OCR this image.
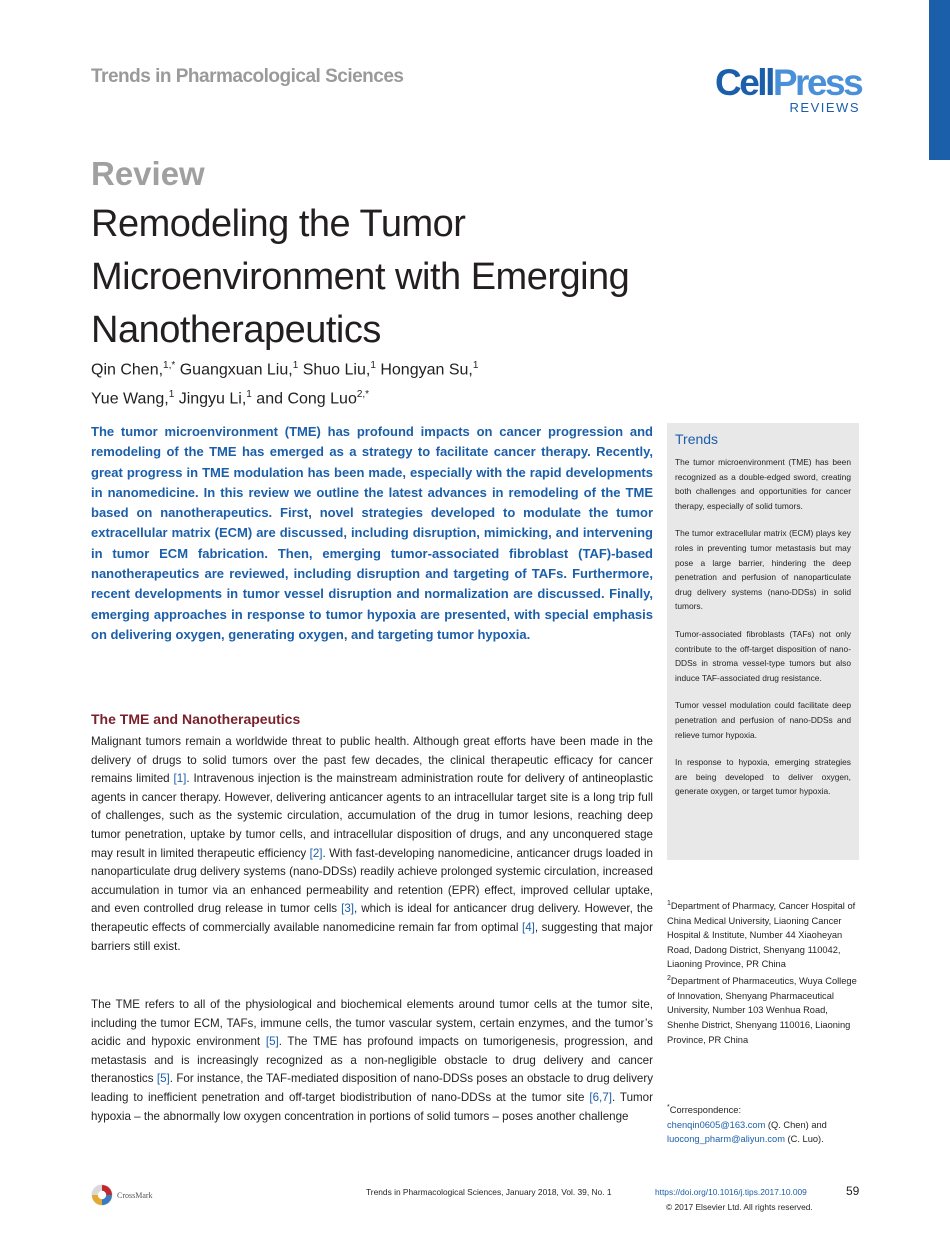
Trends in Pharmacological Sciences	CellPress
REVIEWS
Review
Remodeling the Tumor Microenvironment with Emerging Nanotherapeutics
Qin Chen,$^{1,*}$ Guangxuan Liu,$^1$ Shuo Liu,$^1$ Hongyan Su,$^1$
Yue Wang,$^1$ Jingyu Li,$^1$ and Cong Luo$^{2,*}$
The tumor microenvironment (TME) has profound impacts on cancer progression and remodeling of the TME has emerged as a strategy to facilitate cancer therapy. Recently, great progress in TME modulation has been made, especially with the rapid developments in nanomedicine. In this review we outline the latest advances in remodeling of the TME based on nanotherapeutics. First, novel strategies developed to modulate the tumor extracellular matrix (ECM) are discussed, including disruption, mimicking, and intervening in tumor ECM fabrication. Then, emerging tumor-associated fibroblast (TAF)-based nanotherapeutics are reviewed, including disruption and targeting of TAFs. Furthermore, recent developments in tumor vessel disruption and normalization are discussed. Finally, emerging approaches in response to tumor hypoxia are presented, with special emphasis on delivering oxygen, generating oxygen, and targeting tumor hypoxia.
The TME and Nanotherapeutics
Malignant tumors remain a worldwide threat to public health. Although great efforts have been made in the delivery of drugs to solid tumors over the past few decades, the clinical therapeutic efficacy for cancer remains limited [1]. Intravenous injection is the mainstream administration route for delivery of antineoplastic agents in cancer therapy. However, delivering anticancer agents to an intracellular target site is a long trip full of challenges, such as the systemic circulation, accumulation of the drug in tumor lesions, reaching deep tumor penetration, uptake by tumor cells, and intracellular disposition of drugs, and any unconquered stage may result in limited therapeutic efficiency [2]. With fast-developing nanomedicine, anticancer drugs loaded in nanoparticulate drug delivery systems (nano-DDSs) readily achieve prolonged systemic circulation, increased accumulation in tumor via an enhanced permeability and retention (EPR) effect, improved cellular uptake, and even controlled drug release in tumor cells [3], which is ideal for anticancer drug delivery. However, the therapeutic effects of commercially available nanomedicine remain far from optimal [4], suggesting that major barriers still exist.
The TME refers to all of the physiological and biochemical elements around tumor cells at the tumor site, including the tumor ECM, TAFs, immune cells, the tumor vascular system, certain enzymes, and the tumor’s acidic and hypoxic environment [5]. The TME has profound impacts on tumorigenesis, progression, and metastasis and is increasingly recognized as a non-negligible obstacle to drug delivery and cancer theranostics [5]. For instance, the TAF-mediated disposition of nano-DDSs poses an obstacle to drug delivery leading to inefficient penetration and off-target biodistribution of nano-DDSs at the tumor site [6,7]. Tumor hypoxia – the abnormally low oxygen concentration in portions of solid tumors – poses another challenge
Trends
The tumor microenvironment (TME) has been recognized as a double-edged sword, creating both challenges and opportunities for cancer therapy, especially of solid tumors.
The tumor extracellular matrix (ECM) plays key roles in preventing tumor metastasis but may pose a large barrier, hindering the deep penetration and perfusion of nanoparticulate drug delivery systems (nano-DDSs) in solid tumors.
Tumor-associated fibroblasts (TAFs) not only contribute to the off-target disposition of nano-DDSs in stroma vessel-type tumors but also induce TAF-associated drug resistance.
Tumor vessel modulation could facilitate deep penetration and perfusion of nano-DDSs and relieve tumor hypoxia.
In response to hypoxia, emerging strategies are being developed to deliver oxygen, generate oxygen, or target tumor hypoxia.
$^1$Department of Pharmacy, Cancer Hospital of China Medical University, Liaoning Cancer Hospital & Institute, Number 44 Xiaoheyan Road, Dadong District, Shenyang 110042, Liaoning Province, PR China
$^2$Department of Pharmaceutics, Wuya College of Innovation, Shenyang Pharmaceutical University, Number 103 Wenhua Road, Shenhe District, Shenyang 110016, Liaoning Province, PR China
*Correspondence:
chenqin0605@163.com (Q. Chen) and
luocong_pharm@aliyun.com (C. Luo).
CrossMark	Trends in Pharmacological Sciences, January 2018, Vol. 39, No. 1	https://doi.org/10.1016/j.tips.2017.10.009	59
© 2017 Elsevier Ltd. All rights reserved.
